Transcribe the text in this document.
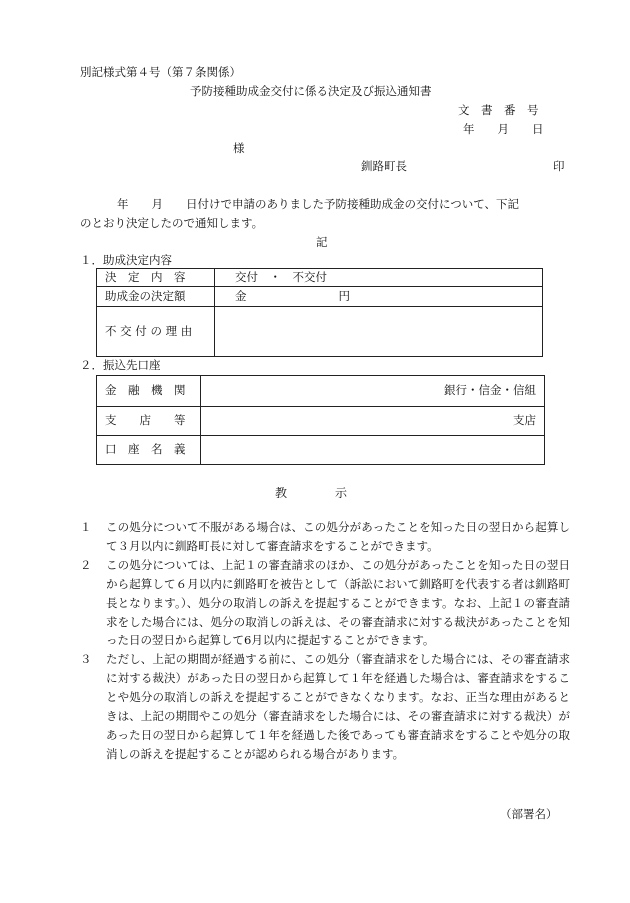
別記様式第４号（第７条関係）
予防接種助成金交付に係る決定及び振込通知書
文　書　番　号
年　　月　　日
様
釧路町長	印
年　　月　　日付けで申請のありました予防接種助成金の交付について、下記
のとおり決定したので通知します。
記
１．助成決定内容
決　定　内　容	交付　・　不交付
助成金の決定額	金　　　　　　　　円
不 交 付 の 理 由	
２．振込先口座
金　融　機　関	銀行・信金・信組
支　　店　　等	支店
口　座　名　義	
教　　　　示

１ この処分について不服がある場合は、この処分があったことを知った日の翌日から起算して３月以内に釧路町長に対して審査請求をすることができます。

２ この処分については、上記１の審査請求のほか、この処分があったことを知った日の翌日から起算して６月以内に釧路町を被告として（訴訟において釧路町を代表する者は釧路町長となります。）、処分の取消しの訴えを提起することができます。なお、上記１の審査請求をした場合には、処分の取消しの訴えは、その審査請求に対する裁決があったことを知った日の翌日から起算して6月以内に提起することができます。

３ ただし、上記の期間が経過する前に、この処分（審査請求をした場合には、その審査請求に対する裁決）があった日の翌日から起算して１年を経過した場合は、審査請求をすることや処分の取消しの訴えを提起することができなくなります。なお、正当な理由があるときは、上記の期間やこの処分（審査請求をした場合には、その審査請求に対する裁決）があった日の翌日から起算して１年を経過した後であっても審査請求をすることや処分の取消しの訴えを提起することが認められる場合があります。

（部署名）
